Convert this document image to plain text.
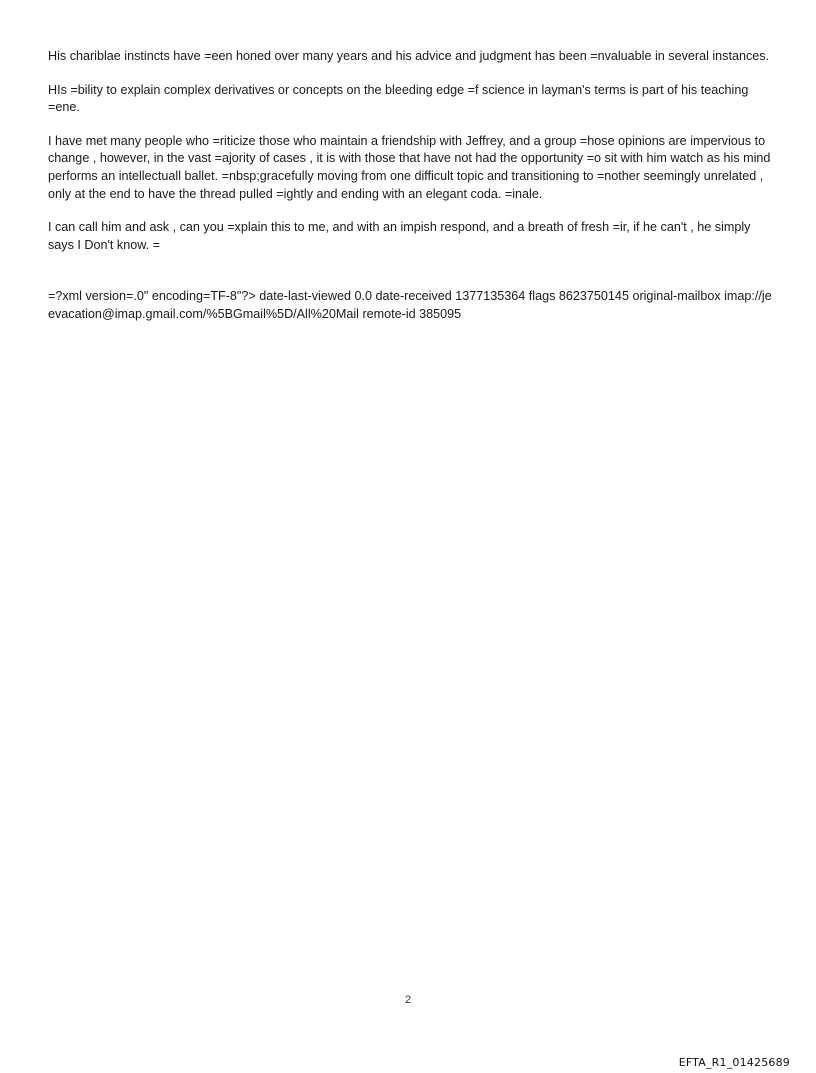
His chariblae instincts have =een honed over many years and his advice and judgment has been =nvaluable in several instances.

HIs =bility to explain complex derivatives or concepts on the bleeding edge =f science in layman's terms is part of his teaching =ene.

I have met many people who =riticize those who maintain a friendship with Jeffrey, and a group =hose opinions are impervious to change , however, in the vast =ajority of cases , it is with those that have not had the opportunity =o sit with him watch as his mind performs an intellectuall ballet. =nbsp;gracefully moving from one difficult topic and transitioning to =nother seemingly unrelated , only at the end to have the thread pulled =ightly and ending with an elegant coda. =inale.

I can call him and ask , can you =xplain this to me, and with an impish respond, and a breath of fresh =ir, if he can't , he simply says I Don't know. =

=?xml version=.0" encoding=TF-8"?> date-last-viewed 0.0 date-received 1377135364 flags 8623750145 original-mailbox imap://jeevacation@imap.gmail.com/%5BGmail%5D/All%20Mail remote-id 385095

2
EFTA_R1_01425689
